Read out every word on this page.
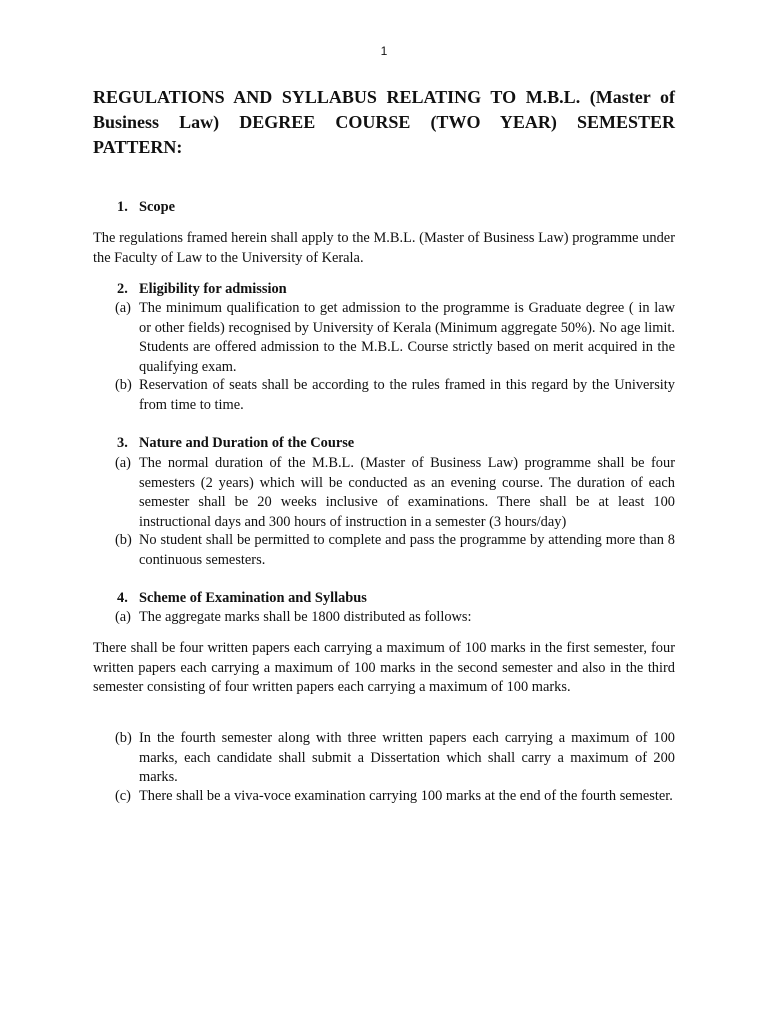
1
REGULATIONS AND SYLLABUS RELATING TO M.B.L. (Master of Business Law) DEGREE COURSE (TWO YEAR) SEMESTER PATTERN:
1. Scope

The regulations framed herein shall apply to the M.B.L. (Master of Business Law) programme under the Faculty of Law to the University of Kerala.

2. Eligibility for admission
(a) The minimum qualification to get admission to the programme is Graduate degree ( in law or other fields) recognised by University of Kerala (Minimum aggregate 50%). No age limit. Students are offered admission to the M.B.L. Course strictly based on merit acquired in the qualifying exam.
(b) Reservation of seats shall be according to the rules framed in this regard by the University from time to time.
3. Nature and Duration of the Course
(a) The normal duration of the M.B.L. (Master of Business Law) programme shall be four semesters (2 years) which will be conducted as an evening course. The duration of each semester shall be 20 weeks inclusive of examinations. There shall be at least 100 instructional days and 300 hours of instruction in a semester (3 hours/day)
(b) No student shall be permitted to complete and pass the programme by attending more than 8 continuous semesters.
4. Scheme of Examination and Syllabus
(a) The aggregate marks shall be 1800 distributed as follows:

There shall be four written papers each carrying a maximum of 100 marks in the first semester, four written papers each carrying a maximum of 100 marks in the second semester and also in the third semester consisting of four written papers each carrying a maximum of 100 marks.

(b) In the fourth semester along with three written papers each carrying a maximum of 100 marks, each candidate shall submit a Dissertation which shall carry a maximum of 200 marks.
(c) There shall be a viva-voce examination carrying 100 marks at the end of the fourth semester.
